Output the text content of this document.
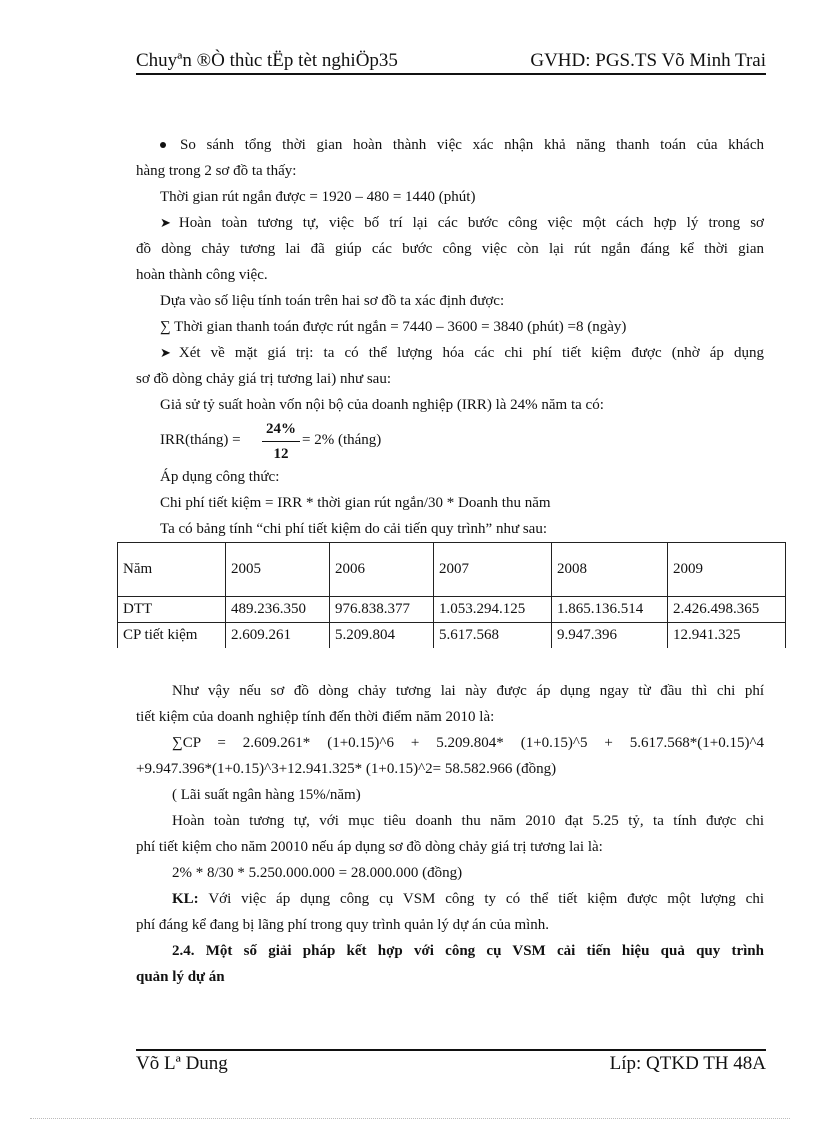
Chuyªn ®Ò thùc tËp tèt nghiÖp35	GVHD: PGS.TS Võ Minh Trai
So sánh tổng thời gian hoàn thành việc xác nhận khả năng thanh toán của khách
hàng trong 2 sơ đồ ta thấy:
Thời gian rút ngắn được = 1920 – 480 = 1440 (phút)
➤ Hoàn toàn tương tự, việc bố trí lại các bước công việc một cách hợp lý trong sơ
đồ dòng chảy tương lai đã giúp các bước công việc còn lại rút ngắn đáng kể thời gian
hoàn thành công việc.
Dựa vào số liệu tính toán trên hai sơ đồ ta xác định được:
∑ Thời gian thanh toán được rút ngắn = 7440 – 3600 = 3840 (phút) =8 (ngày)
➤ Xét về mặt giá trị: ta có thể lượng hóa các chi phí tiết kiệm được (nhờ áp dụng
sơ đồ dòng chảy giá trị tương lai) như sau:
Giả sử tỷ suất hoàn vốn nội bộ của doanh nghiệp (IRR) là 24% năm ta có:
IRR(tháng) =
24%
12
= 2% (tháng)
Áp dụng công thức:
Chi phí tiết kiệm = IRR * thời gian rút ngắn/30 * Doanh thu năm
Ta có bảng tính “chi phí tiết kiệm do cải tiến quy trình” như sau:
Năm	2005	2006	2007	2008	2009
DTT	489.236.350	976.838.377	1.053.294.125	1.865.136.514	2.426.498.365
CP tiết kiệm	2.609.261	5.209.804	5.617.568	9.947.396	12.941.325
Như vậy nếu sơ đồ dòng chảy tương lai này được áp dụng ngay từ đầu thì chi phí
tiết kiệm của doanh nghiệp tính đến thời điểm năm 2010 là:
∑CP = 2.609.261* (1+0.15)^6 + 5.209.804* (1+0.15)^5 + 5.617.568*(1+0.15)^4
+9.947.396*(1+0.15)^3+12.941.325* (1+0.15)^2= 58.582.966 (đồng)
( Lãi suất ngân hàng 15%/năm)
Hoàn toàn tương tự, với mục tiêu doanh thu năm 2010 đạt 5.25 tỷ, ta tính được chi
phí tiết kiệm cho năm 20010 nếu áp dụng sơ đồ dòng chảy giá trị tương lai là:
2% * 8/30 * 5.250.000.000 = 28.000.000 (đồng)
KL: Với việc áp dụng công cụ VSM công ty có thể tiết kiệm được một lượng chi
phí đáng kể đang bị lãng phí trong quy trình quản lý dự án của mình.
2.4. Một số giải pháp kết hợp với công cụ VSM cải tiến hiệu quả quy trình
quản lý dự án
Võ Lª Dung	Líp: QTKD TH 48A
